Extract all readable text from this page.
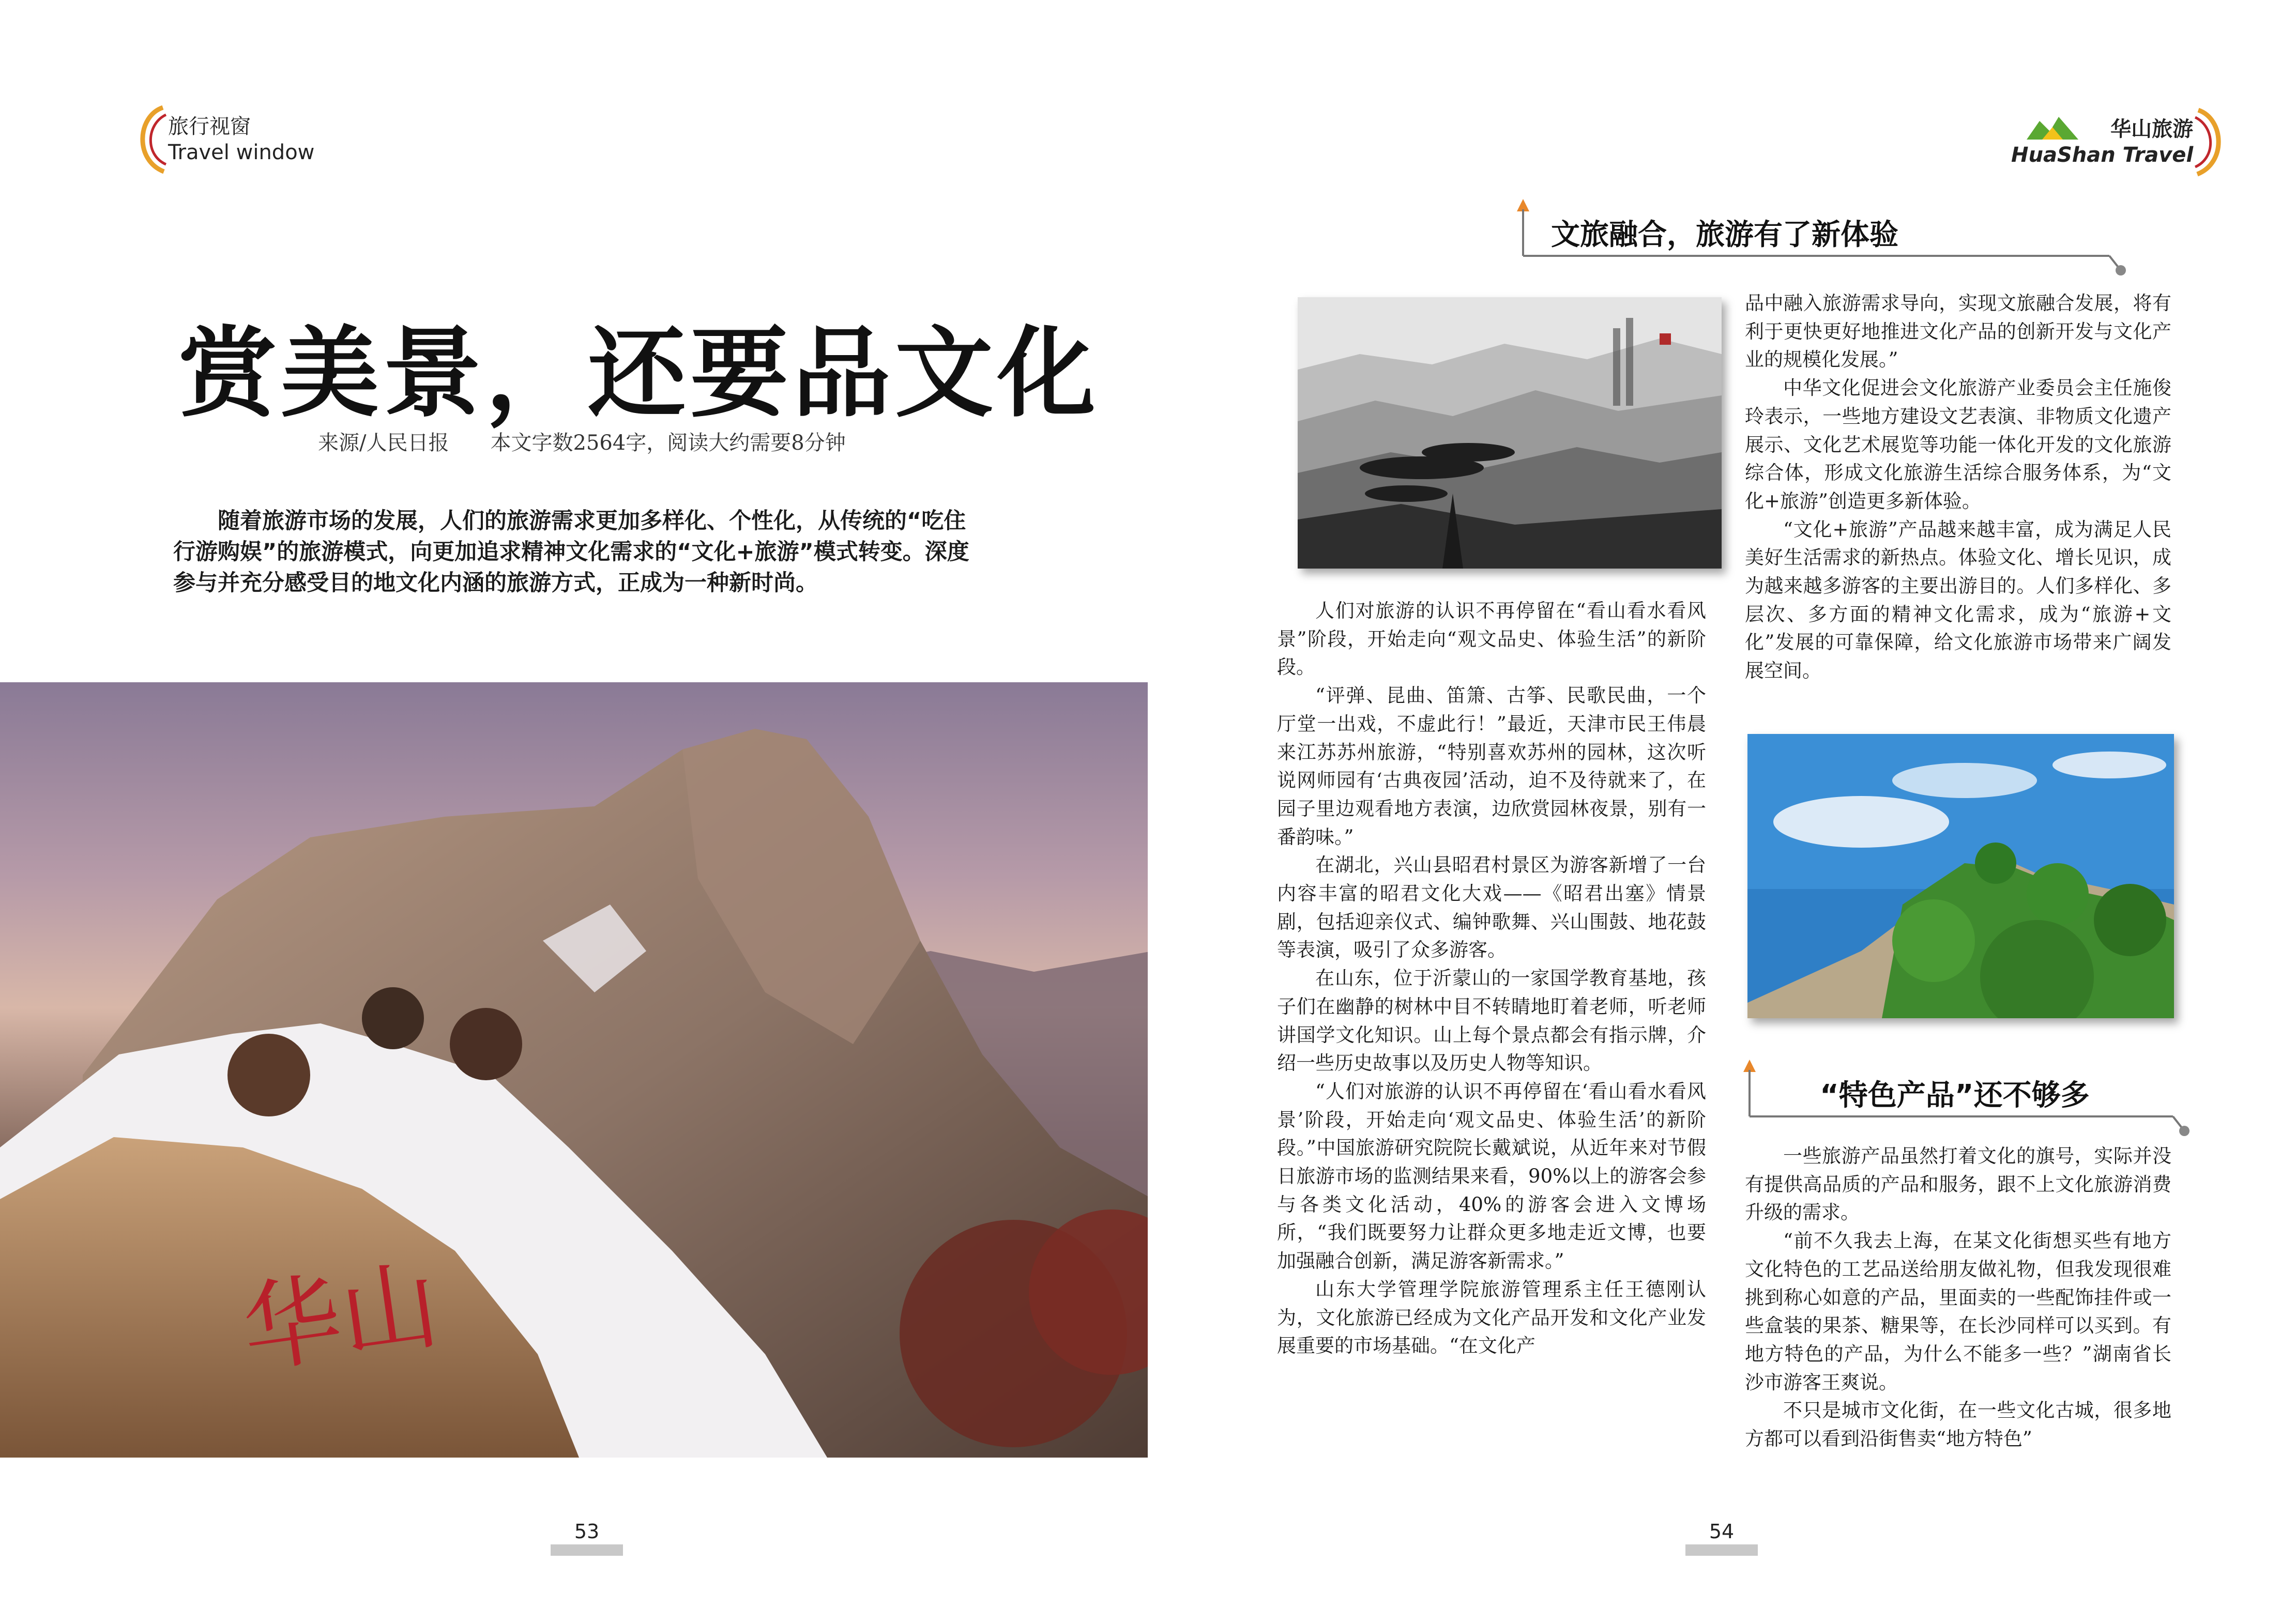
旅行视窗
Travel window
赏美景，还要品文化
来源/人民日报 本文字数2564字，阅读大约需要8分钟
随着旅游市场的发展，人们的旅游需求更加多样化、个性化，从传统的“吃住行游购娱”的旅游模式，向更加追求精神文化需求的“文化+旅游”模式转变。深度参与并充分感受目的地文化内涵的旅游方式，正成为一种新时尚。
华山
53
华山旅游
HuaShan Travel
文旅融合，旅游有了新体验

人们对旅游的认识不再停留在“看山看水看风景”阶段，开始走向“观文品史、体验生活”的新阶段。

“评弹、昆曲、笛箫、古筝、民歌民曲，一个厅堂一出戏，不虚此行！”最近，天津市民王伟晨来江苏苏州旅游，“特别喜欢苏州的园林，这次听说网师园有‘古典夜园’活动，迫不及待就来了，在园子里边观看地方表演，边欣赏园林夜景，别有一番韵味。”

在湖北，兴山县昭君村景区为游客新增了一台内容丰富的昭君文化大戏——《昭君出塞》情景剧，包括迎亲仪式、编钟歌舞、兴山围鼓、地花鼓等表演，吸引了众多游客。

在山东，位于沂蒙山的一家国学教育基地，孩子们在幽静的树林中目不转睛地盯着老师，听老师讲国学文化知识。山上每个景点都会有指示牌，介绍一些历史故事以及历史人物等知识。

“人们对旅游的认识不再停留在‘看山看水看风景’阶段，开始走向‘观文品史、体验生活’的新阶段。”中国旅游研究院院长戴斌说，从近年来对节假日旅游市场的监测结果来看，90%以上的游客会参与各类文化活动，40%的游客会进入文博场所，“我们既要努力让群众更多地走近文博，也要加强融合创新，满足游客新需求。”

山东大学管理学院旅游管理系主任王德刚认为，文化旅游已经成为文化产品开发和文化产业发展重要的市场基础。“在文化产

品中融入旅游需求导向，实现文旅融合发展，将有利于更快更好地推进文化产品的创新开发与文化产业的规模化发展。”

中华文化促进会文化旅游产业委员会主任施俊玲表示，一些地方建设文艺表演、非物质文化遗产展示、文化艺术展览等功能一体化开发的文化旅游综合体，形成文化旅游生活综合服务体系，为“文化+旅游”创造更多新体验。

“文化+旅游”产品越来越丰富，成为满足人民美好生活需求的新热点。体验文化、增长见识，成为越来越多游客的主要出游目的。人们多样化、多层次、多方面的精神文化需求，成为“旅游+文化”发展的可靠保障，给文化旅游市场带来广阔发展空间。

“特色产品”还不够多

一些旅游产品虽然打着文化的旗号，实际并没有提供高品质的产品和服务，跟不上文化旅游消费升级的需求。

“前不久我去上海，在某文化街想买些有地方文化特色的工艺品送给朋友做礼物，但我发现很难挑到称心如意的产品，里面卖的一些配饰挂件或一些盒装的果茶、糖果等，在长沙同样可以买到。有地方特色的产品，为什么不能多一些？”湖南省长沙市游客王爽说。

不只是城市文化街，在一些文化古城，很多地方都可以看到沿街售卖“地方特色”

54
